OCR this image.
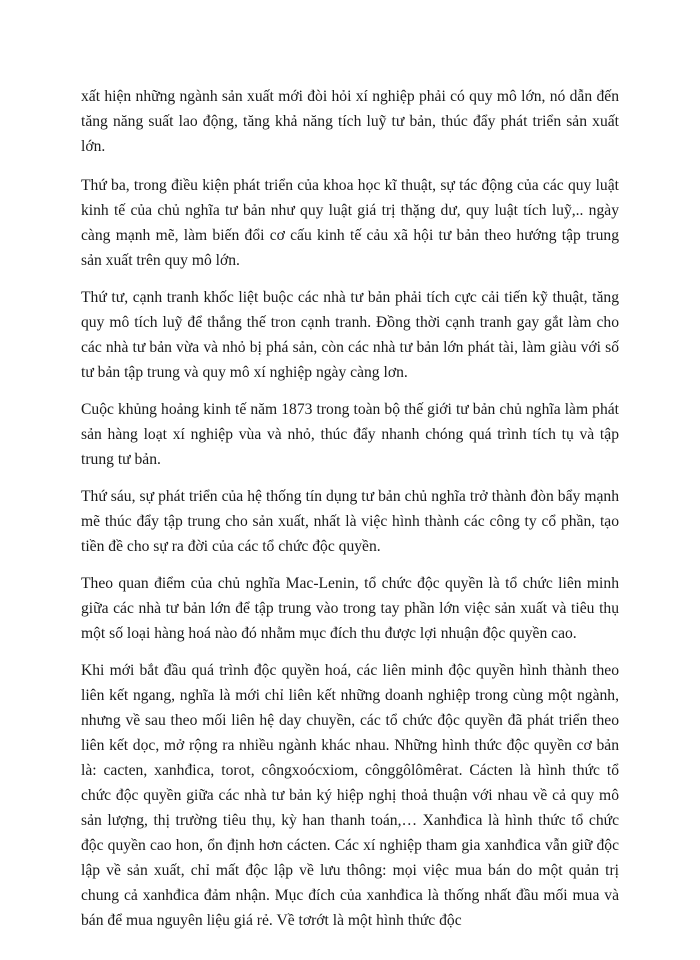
xất hiện những ngành sản xuất mới đòi hỏi xí nghiệp phải có quy mô lớn, nó dẫn đến tăng năng suất lao động, tăng khả năng tích luỹ tư bản, thúc đẩy phát triển sản xuất lớn.

Thứ ba, trong điều kiện phát triển của khoa học kĩ thuật, sự tác động của các quy luật kinh tế của chủ nghĩa tư bản như quy luật giá trị thặng dư, quy luật tích luỹ,.. ngày càng mạnh mẽ, làm biến đổi cơ cấu kinh tế cảu xã hội tư bản theo hướng tập trung sản xuất trên quy mô lớn.

Thứ tư, cạnh tranh khốc liệt buộc các nhà tư bản phải tích cực cải tiến kỹ thuật, tăng quy mô tích luỹ để thắng thế tron cạnh tranh. Đồng thời cạnh tranh gay gắt làm cho các nhà tư bản vừa và nhỏ bị phá sản, còn các nhà tư bản lớn phát tài, làm giàu với số tư bản tập trung và quy mô xí nghiệp ngày càng lơn.

Cuộc khủng hoảng kinh tế năm 1873 trong toàn bộ thế giới tư bản chủ nghĩa làm phát sản hàng loạt xí nghiệp vùa và nhỏ, thúc đẩy nhanh chóng quá trình tích tụ và tập trung tư bản.

Thứ sáu, sự phát triển của hệ thống tín dụng tư bản chủ nghĩa trở thành đòn bẩy mạnh mẽ thúc đẩy tập trung cho sản xuất, nhất là việc hình thành các công ty cổ phần, tạo tiền đề cho sự ra đời của các tổ chức độc quyền.

Theo quan điểm của chủ nghĩa Mac-Lenin, tổ chức độc quyền là tổ chức liên minh giữa các nhà tư bản lớn để tập trung vào trong tay phần lớn việc sản xuất và tiêu thụ một số loại hàng hoá nào đó nhằm mục đích thu được lợi nhuận độc quyền cao.

Khi mới bắt đầu quá trình độc quyền hoá, các liên minh độc quyền hình thành theo liên kết ngang, nghĩa là mới chỉ liên kết những doanh nghiệp trong cùng một ngành, nhưng về sau theo mối liên hệ day chuyền, các tổ chức độc quyền đã phát triển theo liên kết dọc, mở rộng ra nhiều ngành khác nhau. Những hình thức độc quyền cơ bản là: cacten, xanhđica, torot, côngxoócxiom, cônggôlômêrat. Cácten là hình thức tổ chức độc quyền giữa các nhà tư bản ký hiệp nghị thoả thuận với nhau về cả quy mô sản lượng, thị trường tiêu thụ, kỳ han thanh toán,… Xanhđica là hình thức tổ chức độc quyền cao hon, ổn định hơn cácten. Các xí nghiệp tham gia xanhđica vẫn giữ độc lập về sản xuất, chỉ mất độc lập về lưu thông: mọi việc mua bán do một quản trị chung cả xanhđica đảm nhận. Mục đích của xanhđica là thống nhất đầu mối mua và bán để mua nguyên liệu giá rẻ. Về tơrớt là một hình thức độc
